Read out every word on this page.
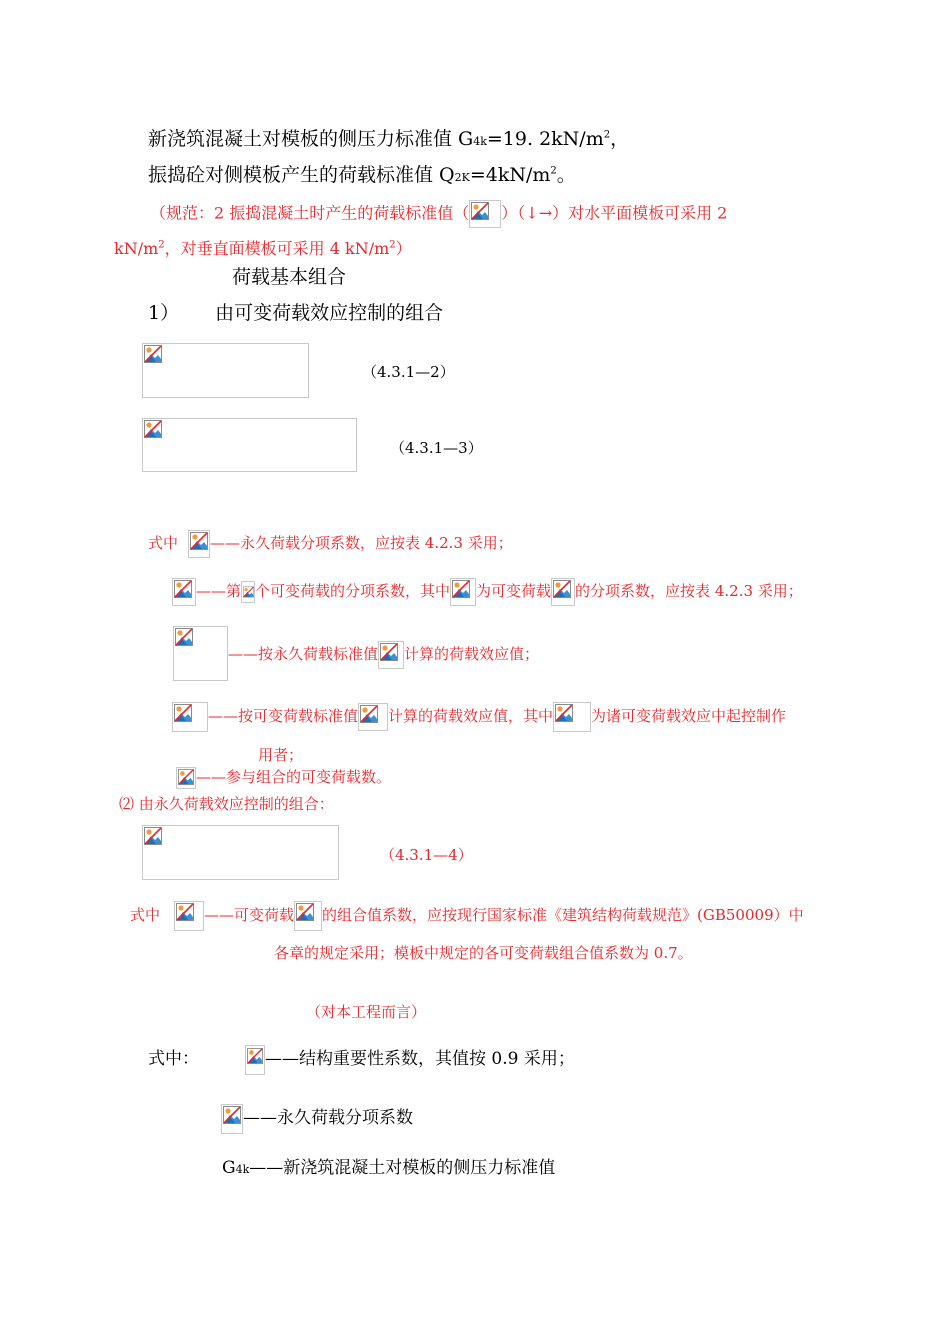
新浇筑混凝土对模板的侧压力标准值 G4k=19. $2kN/m^2$，
振捣砼对侧模板产生的荷载标准值 $Q2K=4kN/m^2$。
（规范：2 振捣混凝土时产生的荷载标准值（ ）（↓→）对水平面模板可采用 2
$kN/m^2$，对垂直面模板可采用 4 $kN/m^2$）
荷载基本组合
1） 由可变荷载效应控制的组合
（4.3.1—2）
（4.3.1—3）
式中 ——永久荷载分项系数，应按表 4.2.3 采用；
——第 个可变荷载的分项系数，其中 为可变荷载 的分项系数，应按表 4.2.3 采用；
——按永久荷载标准值 计算的荷载效应值；
——按可变荷载标准值 计算的荷载效应值，其中	为诸可变荷载效应中起控制作
用者；
——参与组合的可变荷载数。
⑵ 由永久荷载效应控制的组合：
（4.3.1—4）
式中	——可变荷载 的组合值系数，应按现行国家标准《建筑结构荷载规范》(GB50009）中
各章的规定采用；模板中规定的各可变荷载组合值系数为 0.7。
（对本工程而言）
式中：	——结构重要性系数，其值按 0.9 采用；
——永久荷载分项系数
G4k——新浇筑混凝土对模板的侧压力标准值
